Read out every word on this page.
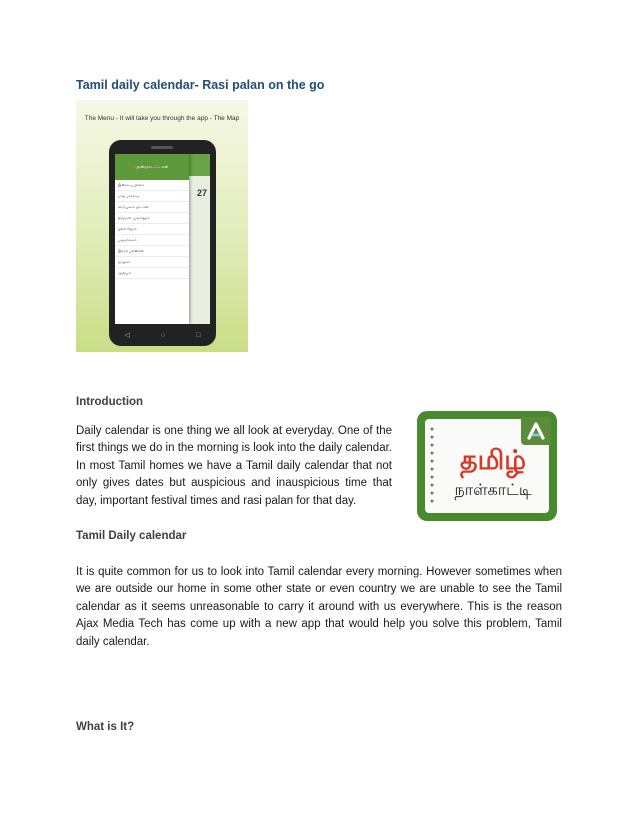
Tamil daily calendar- Rasi palan on the go
The Menu - It will take you through the app - The Map
27
அன்மாடட்டகள்
இன்றைய தினம்
மாத பார்வை
விடுமுறை நாட்கள்
திருமண முகூர்த்தம்
நல்ல நேரம்
பஞ்சாங்கம்
இராசி பலன்கள்
ஜாதகம்
ஆல்பம்
◁	○	□
Introduction
Daily calendar is one thing we all look at everyday. One of the first things we do in the morning is look into the daily calendar. In most Tamil homes we have a Tamil daily calendar that not only gives dates but auspicious and inauspicious time that day, important festival times and rasi palan for that day.
தமிழ்
நாள்காட்டி
Tamil Daily calendar
It is quite common for us to look into Tamil calendar every morning. However sometimes when we are outside our home in some other state or even country we are unable to see the Tamil calendar as it seems unreasonable to carry it around with us everywhere. This is the reason Ajax Media Tech has come up with a new app that would help you solve this problem, Tamil daily calendar.
What is It?
